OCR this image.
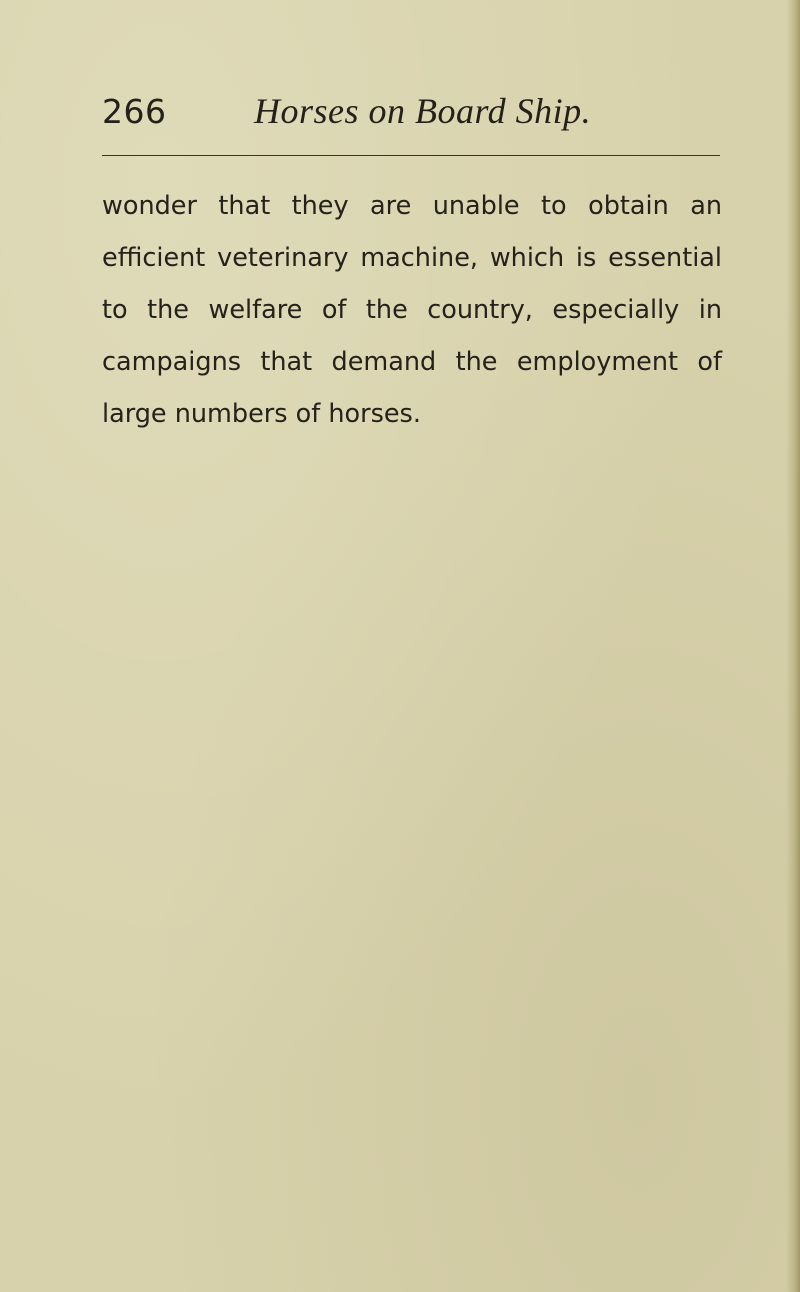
266 Horses on Board Ship.
wonder that they are unable to obtain an
efficient veterinary machine, which is essential
to the welfare of the country, especially in
campaigns that demand the employment of
large numbers of horses.
